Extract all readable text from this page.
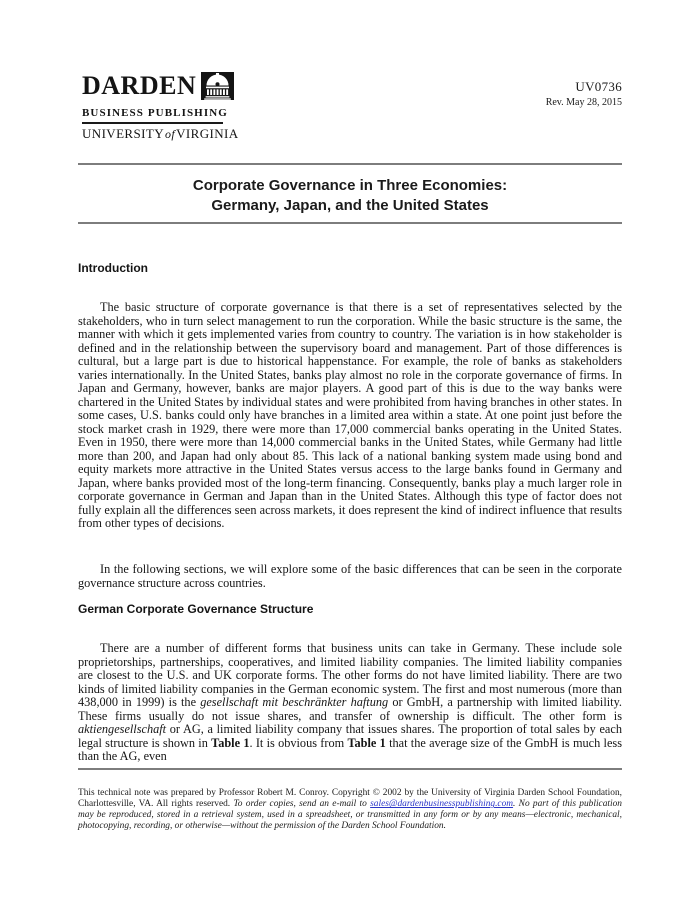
DARDEN
BUSINESS PUBLISHING
UNIVERSITYofVIRGINIA
UV0736
Rev. May 28, 2015
Corporate Governance in Three Economies:
Germany, Japan, and the United States
Introduction

The basic structure of corporate governance is that there is a set of representatives selected by the stakeholders, who in turn select management to run the corporation. While the basic structure is the same, the manner with which it gets implemented varies from country to country. The variation is in how stakeholder is defined and in the relationship between the supervisory board and management. Part of those differences is cultural, but a large part is due to historical happenstance. For example, the role of banks as stakeholders varies internationally. In the United States, banks play almost no role in the corporate governance of firms. In Japan and Germany, however, banks are major players. A good part of this is due to the way banks were chartered in the United States by individual states and were prohibited from having branches in other states. In some cases, U.S. banks could only have branches in a limited area within a state. At one point just before the stock market crash in 1929, there were more than 17,000 commercial banks operating in the United States. Even in 1950, there were more than 14,000 commercial banks in the United States, while Germany had little more than 200, and Japan had only about 85. This lack of a national banking system made using bond and equity markets more attractive in the United States versus access to the large banks found in Germany and Japan, where banks provided most of the long-term financing. Consequently, banks play a much larger role in corporate governance in German and Japan than in the United States. Although this type of factor does not fully explain all the differences seen across markets, it does represent the kind of indirect influence that results from other types of decisions.

In the following sections, we will explore some of the basic differences that can be seen in the corporate governance structure across countries.

German Corporate Governance Structure

There are a number of different forms that business units can take in Germany. These include sole proprietorships, partnerships, cooperatives, and limited liability companies. The limited liability companies are closest to the U.S. and UK corporate forms. The other forms do not have limited liability. There are two kinds of limited liability companies in the German economic system. The first and most numerous (more than 438,000 in 1999) is the gesellschaft mit beschränkter haftung or GmbH, a partnership with limited liability. These firms usually do not issue shares, and transfer of ownership is difficult. The other form is aktiengesellschaft or AG, a limited liability company that issues shares. The proportion of total sales by each legal structure is shown in Table 1. It is obvious from Table 1 that the average size of the GmbH is much less than the AG, even

This technical note was prepared by Professor Robert M. Conroy. Copyright © 2002 by the University of Virginia Darden School Foundation, Charlottesville, VA. All rights reserved. To order copies, send an e-mail to sales@dardenbusinesspublishing.com. No part of this publication may be reproduced, stored in a retrieval system, used in a spreadsheet, or transmitted in any form or by any means—electronic, mechanical, photocopying, recording, or otherwise—without the permission of the Darden School Foundation.
